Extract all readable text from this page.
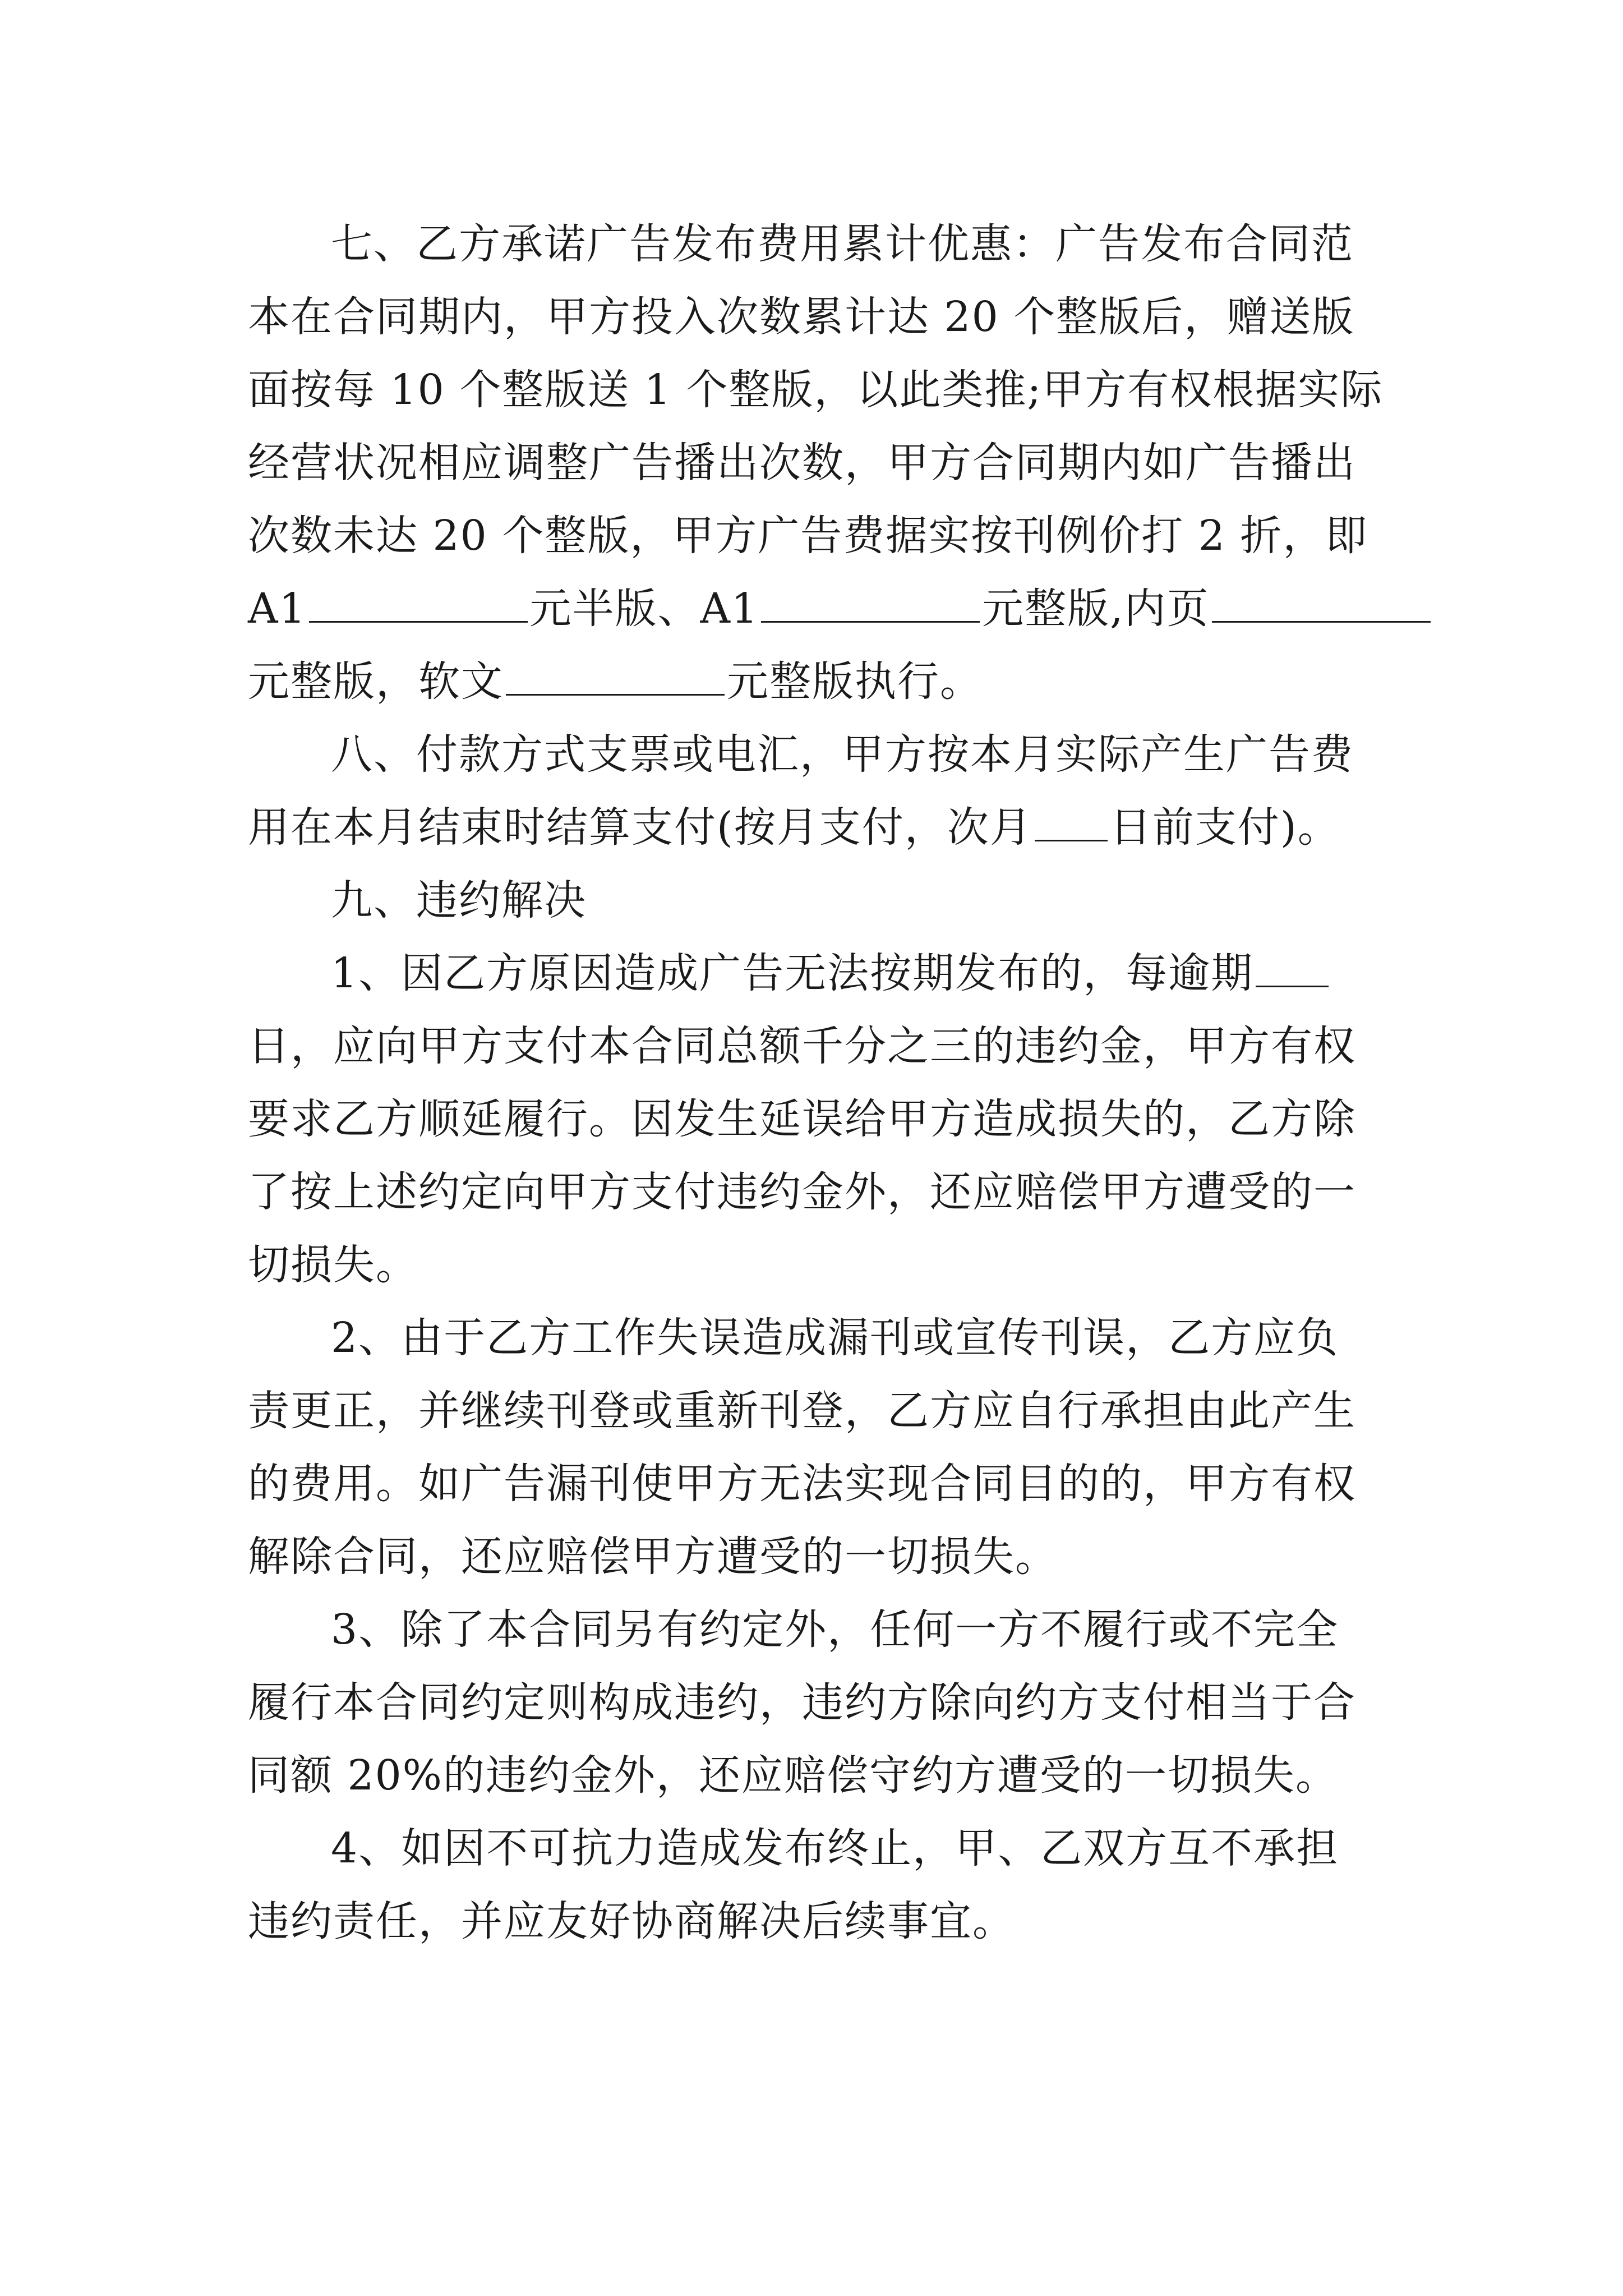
七、乙方承诺广告发布费用累计优惠：广告发布合同范
本在合同期内，甲方投入次数累计达 20 个整版后，赠送版
面按每 10 个整版送 1 个整版，以此类推;甲方有权根据实际
经营状况相应调整广告播出次数，甲方合同期内如广告播出
次数未达 20 个整版，甲方广告费据实按刊例价打 2 折，即
A1	元半版、A1	元整版,内页
元整版，软文	元整版执行。
八、付款方式支票或电汇，甲方按本月实际产生广告费
用在本月结束时结算支付(按月支付，次月 日前支付)。
九、违约解决
1、因乙方原因造成广告无法按期发布的，每逾期
日，应向甲方支付本合同总额千分之三的违约金，甲方有权
要求乙方顺延履行。因发生延误给甲方造成损失的，乙方除
了按上述约定向甲方支付违约金外，还应赔偿甲方遭受的一
切损失。
2、由于乙方工作失误造成漏刊或宣传刊误，乙方应负
责更正，并继续刊登或重新刊登，乙方应自行承担由此产生
的费用。如广告漏刊使甲方无法实现合同目的的，甲方有权
解除合同，还应赔偿甲方遭受的一切损失。
3、除了本合同另有约定外，任何一方不履行或不完全
履行本合同约定则构成违约，违约方除向约方支付相当于合
同额 20%的违约金外，还应赔偿守约方遭受的一切损失。
4、如因不可抗力造成发布终止，甲、乙双方互不承担
违约责任，并应友好协商解决后续事宜。
